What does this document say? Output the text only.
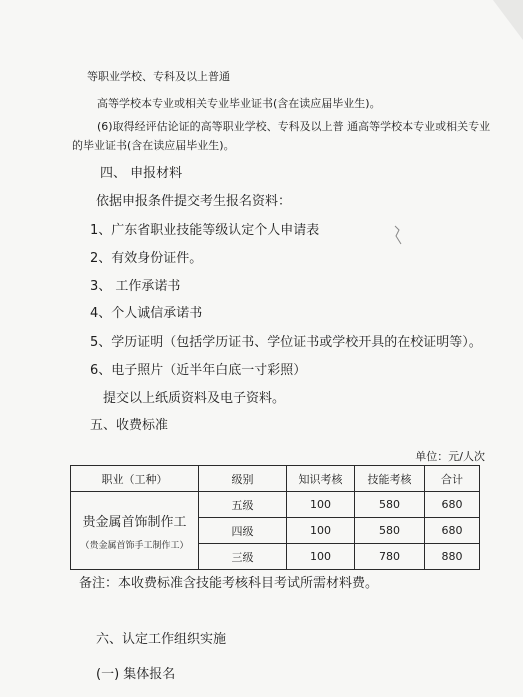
等职业学校、专科及以上普通
高等学校本专业或相关专业毕业证书(含在读应届毕业生)。
(6)取得经评估论证的高等职业学校、专科及以上普 通高等学校本专业或相关专业
的毕业证书(含在读应届毕业生)。
四、 申报材料
依据申报条件提交考生报名资料：
1、广东省职业技能等级认定个人申请表
2、有效身份证件。
3、 工作承诺书
4、个人诚信承诺书
5、学历证明（包括学历证书、学位证书或学校开具的在校证明等）。
6、电子照片（近半年白底一寸彩照）
提交以上纸质资料及电子资料。
五、收费标准
单位：元/人次
职业（工种）	级别	知识考核	技能考核	合计

贵金属首饰制作工
（贵金属首饰手工制作工）	五级	100	580	680
	四级	100	580	680
	三级	100	780	880
备注：本收费标准含技能考核科目考试所需材料费。
六、认定工作组织实施
(一) 集体报名
